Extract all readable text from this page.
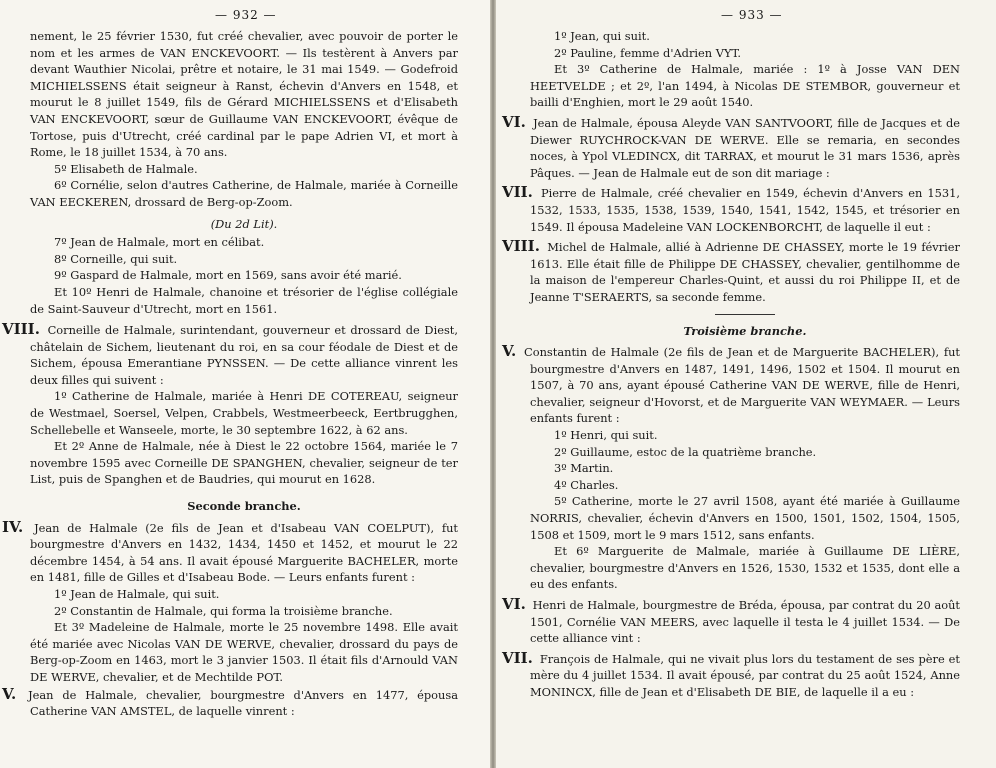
— 932 —

nement, le 25 février 1530, fut créé chevalier, avec pouvoir de porter le nom et les armes de VAN ENCKEVOORT. — Ils testèrent à Anvers par devant Wauthier Nicolai, prêtre et notaire, le 31 mai 1549. — Godefroid MICHIELSSENS était seigneur à Ranst, échevin d'Anvers en 1548, et mourut le 8 juillet 1549, fils de Gérard MICHIELSSENS et d'Elisabeth VAN ENCKEVOORT, sœur de Guillaume VAN ENCKEVOORT, évêque de Tortose, puis d'Utrecht, créé cardinal par le pape Adrien VI, et mort à Rome, le 18 juillet 1534, à 70 ans.

5º Elisabeth de Halmale.

6º Cornélie, selon d'autres Catherine, de Halmale, mariée à Corneille VAN EECKEREN, drossard de Berg-op-Zoom.

(Du 2d Lit).

7º Jean de Halmale, mort en célibat.

8º Corneille, qui suit.

9º Gaspard de Halmale, mort en 1569, sans avoir été marié.

Et 10º Henri de Halmale, chanoine et trésorier de l'église collégiale de Saint-Sauveur d'Utrecht, mort en 1561.

VIII. Corneille de Halmale, surintendant, gouverneur et drossard de Diest, châtelain de Sichem, lieutenant du roi, en sa cour féodale de Diest et de Sichem, épousa Emerantiane PYNSSEN. — De cette alliance vinrent les deux filles qui suivent :

1º Catherine de Halmale, mariée à Henri DE COTEREAU, seigneur de Westmael, Soersel, Velpen, Crabbels, Westmeerbeeck, Eertbrugghen, Schellebelle et Wanseele, morte, le 30 septembre 1622, à 62 ans.

Et 2º Anne de Halmale, née à Diest le 22 octobre 1564, mariée le 7 novembre 1595 avec Corneille DE SPANGHEN, chevalier, seigneur de ter List, puis de Spanghen et de Baudries, qui mourut en 1628.

Seconde branche.

IV. Jean de Halmale (2e fils de Jean et d'Isabeau VAN COELPUT), fut bourgmestre d'Anvers en 1432, 1434, 1450 et 1452, et mourut le 22 décembre 1454, à 54 ans. Il avait épousé Marguerite BACHELER, morte en 1481, fille de Gilles et d'Isabeau Bode. — Leurs enfants furent :

1º Jean de Halmale, qui suit.

2º Constantin de Halmale, qui forma la troisième branche.

Et 3º Madeleine de Halmale, morte le 25 novembre 1498. Elle avait été mariée avec Nicolas VAN DE WERVE, chevalier, drossard du pays de Berg-op-Zoom en 1463, mort le 3 janvier 1503. Il était fils d'Arnould VAN DE WERVE, chevalier, et de Mechtilde POT.

V. Jean de Halmale, chevalier, bourgmestre d'Anvers en 1477, épousa Catherine VAN AMSTEL, de laquelle vinrent :

— 933 —

1º Jean, qui suit.

2º Pauline, femme d'Adrien VYT.

Et 3º Catherine de Halmale, mariée : 1º à Josse VAN DEN HEETVELDE ; et 2º, l'an 1494, à Nicolas DE STEMBOR, gouverneur et bailli d'Enghien, mort le 29 août 1540.

VI. Jean de Halmale, épousa Aleyde VAN SANTVOORT, fille de Jacques et de Diewer RUYCHROCK-VAN DE WERVE. Elle se remaria, en secondes noces, à Ypol VLEDINCX, dit TARRAX, et mourut le 31 mars 1536, après Pâques. — Jean de Halmale eut de son dit mariage :

VII. Pierre de Halmale, créé chevalier en 1549, échevin d'Anvers en 1531, 1532, 1533, 1535, 1538, 1539, 1540, 1541, 1542, 1545, et trésorier en 1549. Il épousa Madeleine VAN LOCKENBORCHT, de laquelle il eut :

VIII. Michel de Halmale, allié à Adrienne DE CHASSEY, morte le 19 février 1613. Elle était fille de Philippe DE CHASSEY, chevalier, gentilhomme de la maison de l'empereur Charles-Quint, et aussi du roi Philippe II, et de Jeanne T'SERAERTS, sa seconde femme.

Troisième branche.

V. Constantin de Halmale (2e fils de Jean et de Marguerite BACHELER), fut bourgmestre d'Anvers en 1487, 1491, 1496, 1502 et 1504. Il mourut en 1507, à 70 ans, ayant épousé Catherine VAN DE WERVE, fille de Henri, chevalier, seigneur d'Hovorst, et de Marguerite VAN WEYMAER. — Leurs enfants furent :

1º Henri, qui suit.

2º Guillaume, estoc de la quatrième branche.

3º Martin.

4º Charles.

5º Catherine, morte le 27 avril 1508, ayant été mariée à Guillaume NORRIS, chevalier, échevin d'Anvers en 1500, 1501, 1502, 1504, 1505, 1508 et 1509, mort le 9 mars 1512, sans enfants.

Et 6º Marguerite de Malmale, mariée à Guillaume DE LIÈRE, chevalier, bourgmestre d'Anvers en 1526, 1530, 1532 et 1535, dont elle a eu des enfants.

VI. Henri de Halmale, bourgmestre de Bréda, épousa, par contrat du 20 août 1501, Cornélie VAN MEERS, avec laquelle il testa le 4 juillet 1534. — De cette alliance vint :

VII. François de Halmale, qui ne vivait plus lors du testament de ses père et mère du 4 juillet 1534. Il avait épousé, par contrat du 25 août 1524, Anne MONINCX, fille de Jean et d'Elisabeth DE BIE, de laquelle il a eu :
